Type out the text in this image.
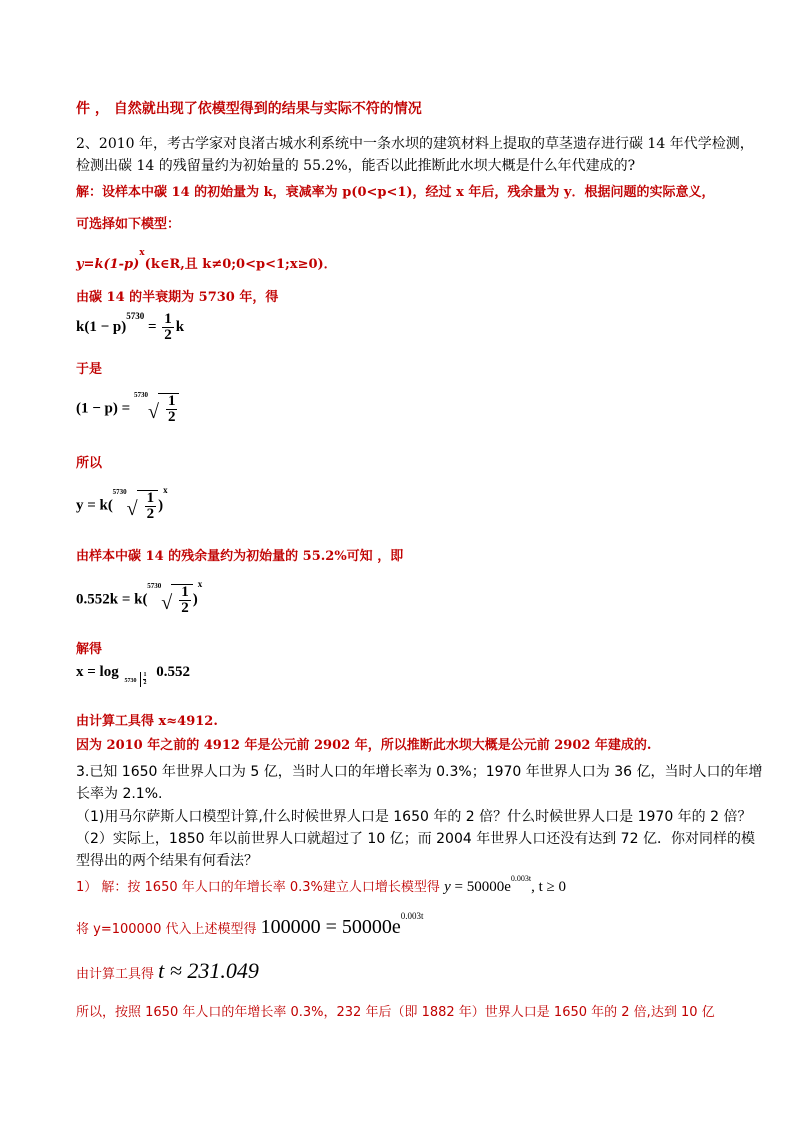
件 ， 自然就出现了依模型得到的结果与实际不符的情况
2、2010 年，考古学家对良渚古城水利系统中一条水坝的建筑材料上提取的草茎遗存进行碳 14 年代学检测，
检测出碳 14 的残留量约为初始量的 55.2%，能否以此推断此水坝大概是什么年代建成的?
解：设样本中碳 14 的初始量为 k，衰减率为 p(0<p<1)，经过 x 年后，残余量为 y．根据问题的实际意义，
可选择如下模型：
$y=k(1-p)^x(k\in R$,且 k≠0;0<p<1;x≥0)．
由碳 14 的半衰期为 5730 年，得
$k(1 - p)^{5730} = \frac{1}{2}$ k
于是
(1 − p) =
5730
√ $\frac{1}{2}$
所以
y = k(
5730
√ $\frac{1}{2} )^x$
由样本中碳 14 的残余量约为初始量的 55.2%可知 ，即
0.552k = k(
5730
√ $\frac{1}{2} )^x$
解得
x = log
5730
1
2
0.552
由计算工具得 x≈4912.
因为 2010 年之前的 4912 年是公元前 2902 年，所以推断此水坝大概是公元前 2902 年建成的.
3.已知 1650 年世界人口为 5 亿，当时人口的年增长率为 0.3%；1970 年世界人口为 36 亿，当时人口的年增
长率为 2.1%.
（1)用马尔萨斯人口模型计算,什么时候世界人口是 1650 年的 2 倍？什么时候世界人口是 1970 年的 2 倍？
（2）实际上，1850 年以前世界人口就超过了 10 亿；而 2004 年世界人口还没有达到 72 亿．你对同样的模
型得出的两个结果有何看法？
1） 解：按 1650 年人口的年增长率 0.3%建立人口增长模型得 $y = 50000e^{0.003t}$, t ≥ 0
将 y=100000 代入上述模型得 $100000 = 50000e^{0.003t}$
由计算工具得 t ≈ 231.049
所以，按照 1650 年人口的年增长率 0.3%，232 年后（即 1882 年）世界人口是 1650 年的 2 倍,达到 10 亿
